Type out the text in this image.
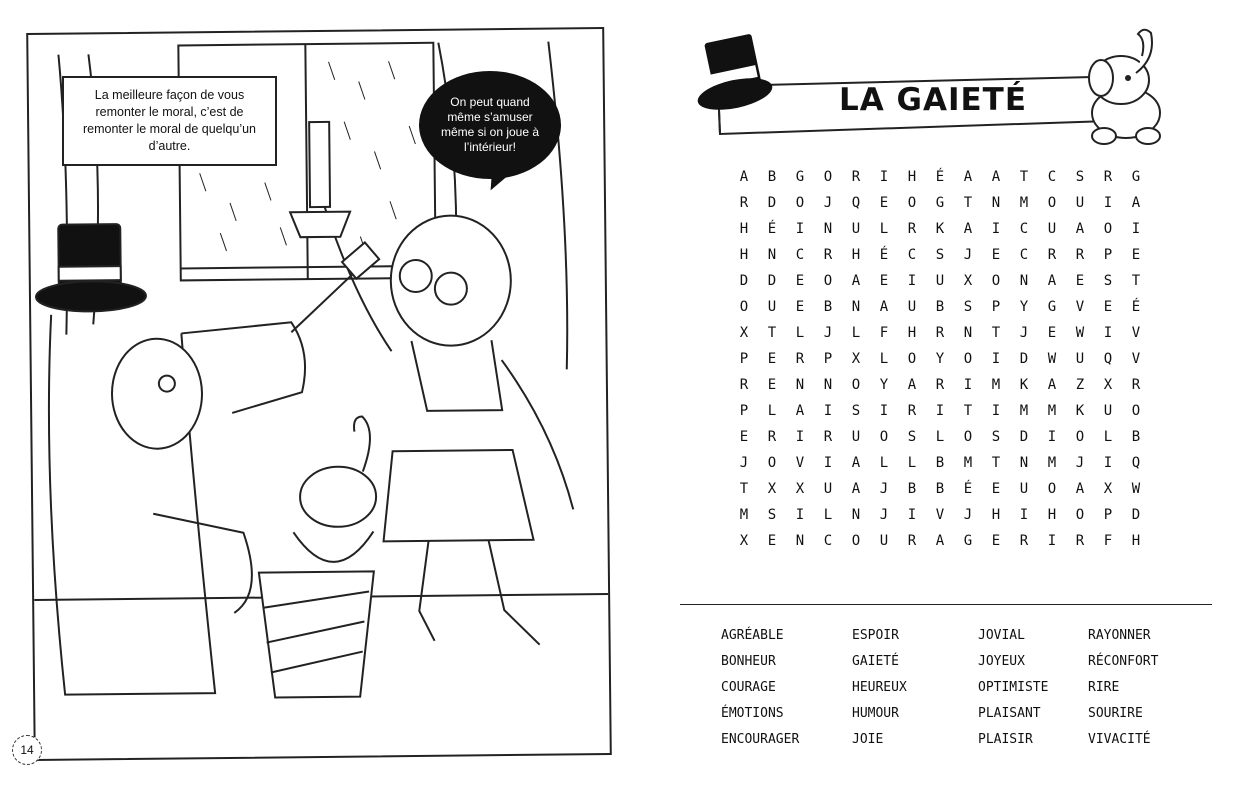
La meilleure façon de vous remonter le moral, c’est de remonter le moral de quelqu’un d’autre.
On peut quand même s’amuser même si on joue à l’intérieur!
14
LA GAIETÉ
A	B	G	O	R	I	H	É	A	A	T	C	S	R	G
R	D	O	J	Q	E	O	G	T	N	M	O	U	I	A
H	É	I	N	U	L	R	K	A	I	C	U	A	O	I
H	N	C	R	H	É	C	S	J	E	C	R	R	P	E
D	D	E	O	A	E	I	U	X	O	N	A	E	S	T
O	U	E	B	N	A	U	B	S	P	Y	G	V	E	É
X	T	L	J	L	F	H	R	N	T	J	E	W	I	V
P	E	R	P	X	L	O	Y	O	I	D	W	U	Q	V
R	E	N	N	O	Y	A	R	I	M	K	A	Z	X	R
P	L	A	I	S	I	R	I	T	I	M	M	K	U	O
E	R	I	R	U	O	S	L	O	S	D	I	O	L	B
J	O	V	I	A	L	L	B	M	T	N	M	J	I	Q
T	X	X	U	A	J	B	B	É	E	U	O	A	X	W
M	S	I	L	N	J	I	V	J	H	I	H	O	P	D
X	E	N	C	O	U	R	A	G	E	R	I	R	F	H
AGRÉABLE
BONHEUR
COURAGE
ÉMOTIONS
ENCOURAGER
ESPOIR
GAIETÉ
HEUREUX
HUMOUR
JOIE
JOVIAL
JOYEUX
OPTIMISTE
PLAISANT
PLAISIR
RAYONNER
RÉCONFORT
RIRE
SOURIRE
VIVACITÉ
